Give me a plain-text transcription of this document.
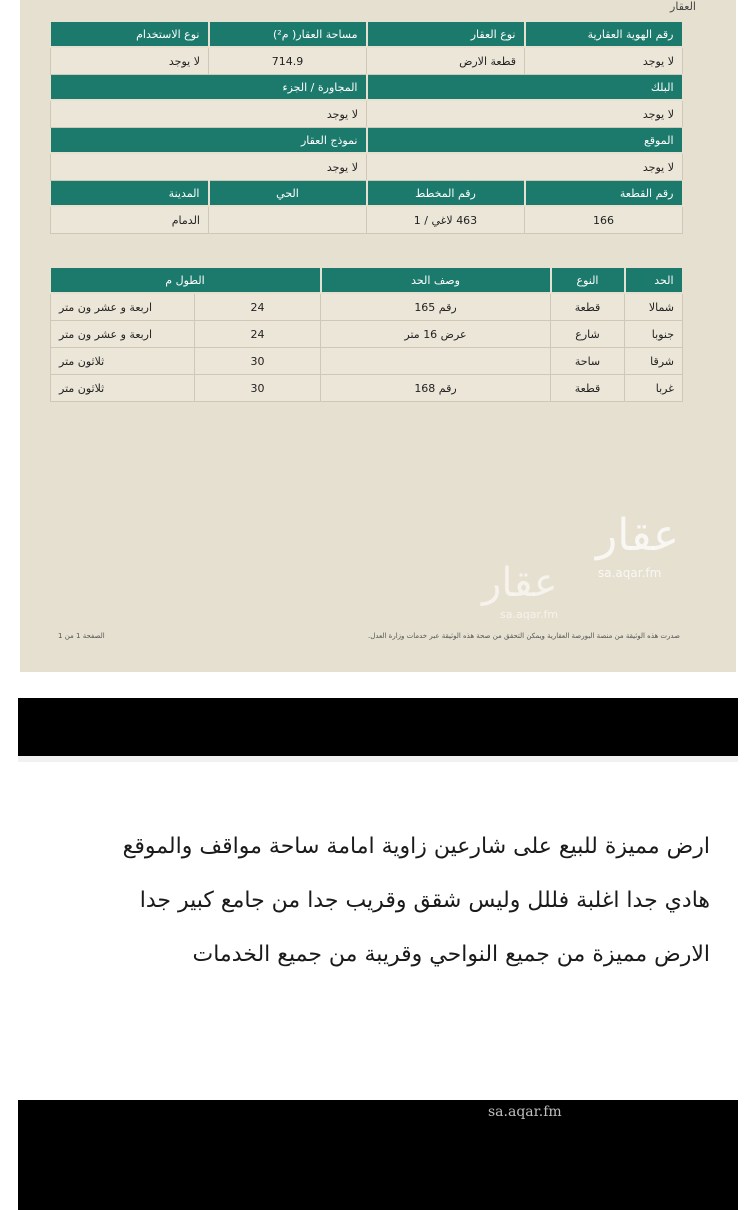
العقار
رقم الهوية العقارية	نوع العقار	مساحة العقار( م²)	نوع الاستخدام
لا يوجد	قطعة الارض	714.9	لا يوجد
البلك		المجاورة / الجزء	
لا يوجد		لا يوجد	
الموقع		نموذج العقار	
لا يوجد		لا يوجد	
رقم القطعة	رقم المخطط	الحي	المدينة
166	463 لاغي / 1		الدمام
الحد	النوع	وصف الحد	الطول م	
شمالا	قطعة	رقم 165	24	اربعة و عشر ون متر
جنوبا	شارع	عرض 16 متر	24	اربعة و عشر ون متر
شرقا	ساحة		30	ثلاثون متر
غربا	قطعة	رقم 168	30	ثلاثون متر
عقار
sa.aqar.fm
عقار
sa.aqar.fm
صدرت هذه الوثيقة من منصة البورصة العقارية ويمكن التحقق من صحة هذه الوثيقة عبر خدمات وزارة العدل.
الصفحة 1 من 1

ارض مميزة للبيع على شارعين زاوية امامة ساحة مواقف والموقع

هادي جدا اغلبة فللل وليس شقق وقريب جدا من جامع كبير جدا

الارض مميزة من جميع النواحي وقريبة من جميع الخدمات

sa.aqar.fm
